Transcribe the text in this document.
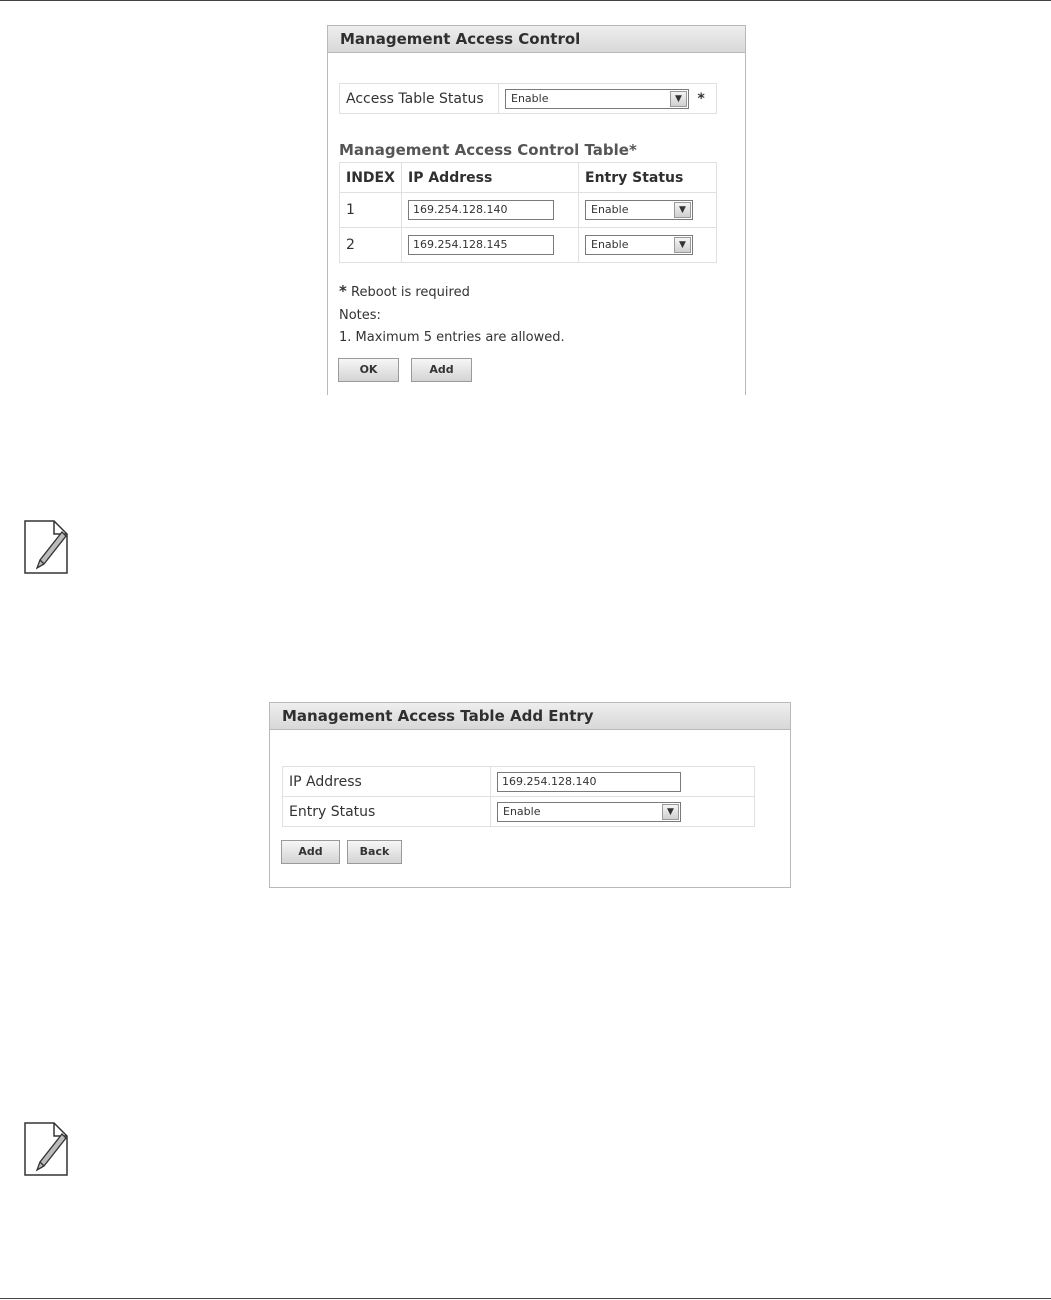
Management Access Control
Access Table Status	Enable	▼	*
Management Access Control Table*
INDEX	IP Address	Entry Status
1	169.254.128.140	Enable ▼

2	169.254.128.145	Enable ▼
* Reboot is required
Notes:
1. Maximum 5 entries are allowed.
OK	Add
Management Access Table Add Entry
IP Address	169.254.128.140
Entry Status	Enable ▼
Add	Back
